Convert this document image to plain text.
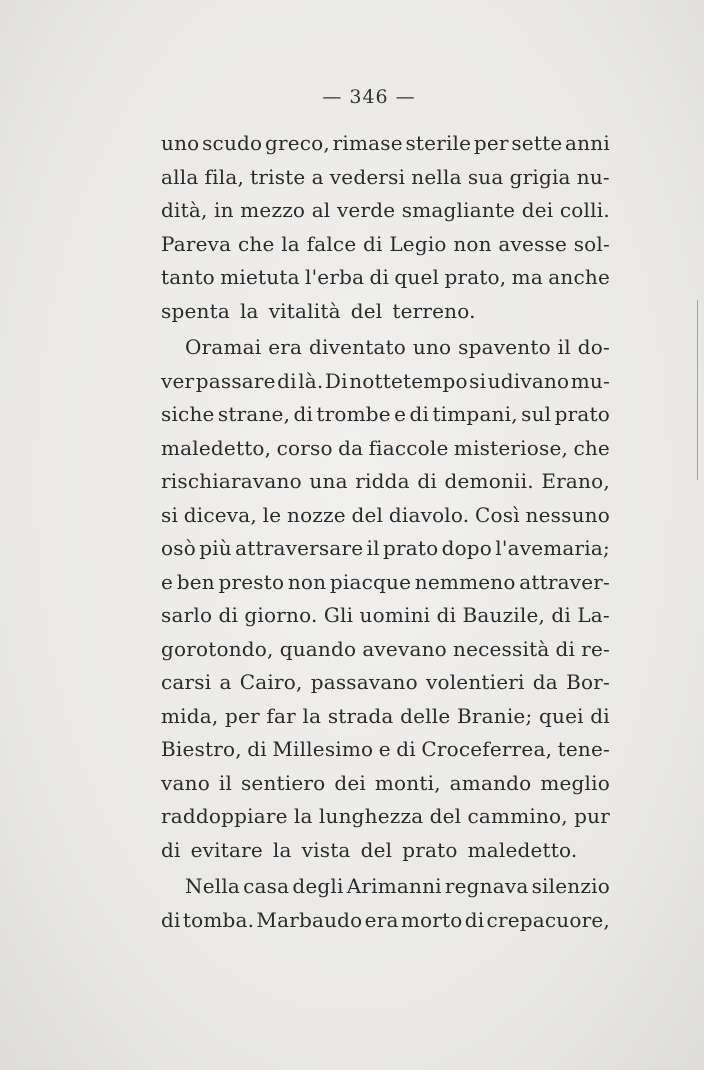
— 346 —
uno scudo greco, rimase sterile per sette anni
alla fila, triste a vedersi nella sua grigia nu-
dità, in mezzo al verde smagliante dei colli.
Pareva che la falce di Legio non avesse sol-
tanto mietuta l'erba di quel prato, ma anche
spenta la vitalità del terreno.
Oramai era diventato uno spavento il do-
ver passare di là. Di nottetempo si udivano mu-
siche strane, di trombe e di timpani, sul prato
maledetto, corso da fiaccole misteriose, che
rischiaravano una ridda di demonii. Erano,
si diceva, le nozze del diavolo. Così nessuno
osò più attraversare il prato dopo l'avemaria;
e ben presto non piacque nemmeno attraver-
sarlo di giorno. Gli uomini di Bauzile, di La-
gorotondo, quando avevano necessità di re-
carsi a Cairo, passavano volentieri da Bor-
mida, per far la strada delle Branie; quei di
Biestro, di Millesimo e di Croceferrea, tene-
vano il sentiero dei monti, amando meglio
raddoppiare la lunghezza del cammino, pur
di evitare la vista del prato maledetto.
Nella casa degli Arimanni regnava silenzio
di tomba. Marbaudo era morto di crepacuore,
